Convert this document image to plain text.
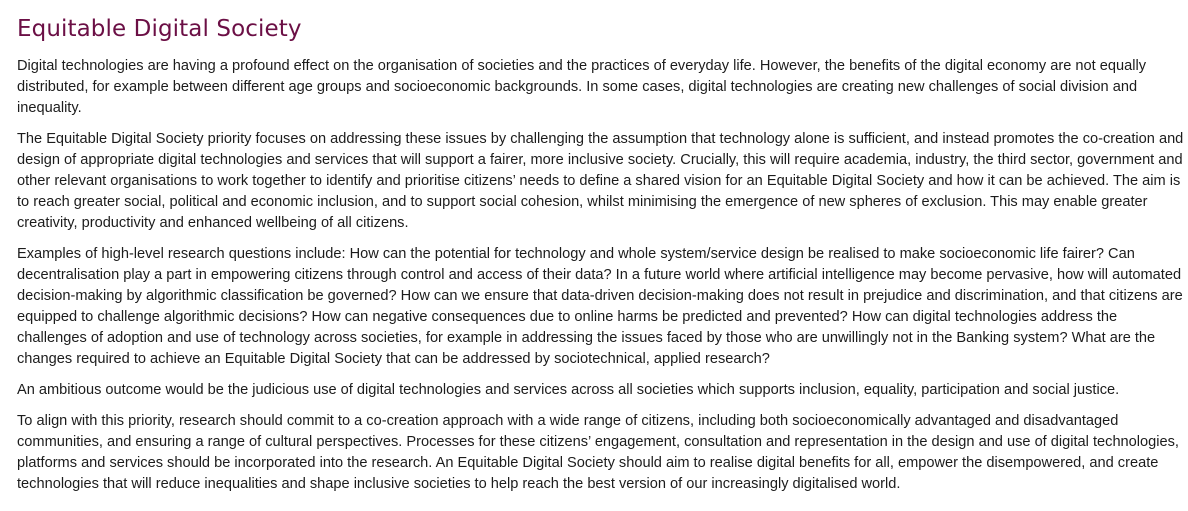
Equitable Digital Society

Digital technologies are having a profound effect on the organisation of societies and the practices of everyday life. However, the benefits of the digital economy are not equally distributed, for example between different age groups and socioeconomic backgrounds. In some cases, digital technologies are creating new challenges of social division and inequality.

The Equitable Digital Society priority focuses on addressing these issues by challenging the assumption that technology alone is sufficient, and instead promotes the co-creation and design of appropriate digital technologies and services that will support a fairer, more inclusive society. Crucially, this will require academia, industry, the third sector, government and other relevant organisations to work together to identify and prioritise citizens’ needs to define a shared vision for an Equitable Digital Society and how it can be achieved. The aim is to reach greater social, political and economic inclusion, and to support social cohesion, whilst minimising the emergence of new spheres of exclusion. This may enable greater creativity, productivity and enhanced wellbeing of all citizens.

Examples of high-level research questions include: How can the potential for technology and whole system/service design be realised to make socioeconomic life fairer? Can decentralisation play a part in empowering citizens through control and access of their data? In a future world where artificial intelligence may become pervasive, how will automated decision-making by algorithmic classification be governed? How can we ensure that data-driven decision-making does not result in prejudice and discrimination, and that citizens are equipped to challenge algorithmic decisions? How can negative consequences due to online harms be predicted and prevented? How can digital technologies address the challenges of adoption and use of technology across societies, for example in addressing the issues faced by those who are unwillingly not in the Banking system? What are the changes required to achieve an Equitable Digital Society that can be addressed by sociotechnical, applied research?

An ambitious outcome would be the judicious use of digital technologies and services across all societies which supports inclusion, equality, participation and social justice.

To align with this priority, research should commit to a co-creation approach with a wide range of citizens, including both socioeconomically advantaged and disadvantaged communities, and ensuring a range of cultural perspectives. Processes for these citizens’ engagement, consultation and representation in the design and use of digital technologies, platforms and services should be incorporated into the research. An Equitable Digital Society should aim to realise digital benefits for all, empower the disempowered, and create technologies that will reduce inequalities and shape inclusive societies to help reach the best version of our increasingly digitalised world.
